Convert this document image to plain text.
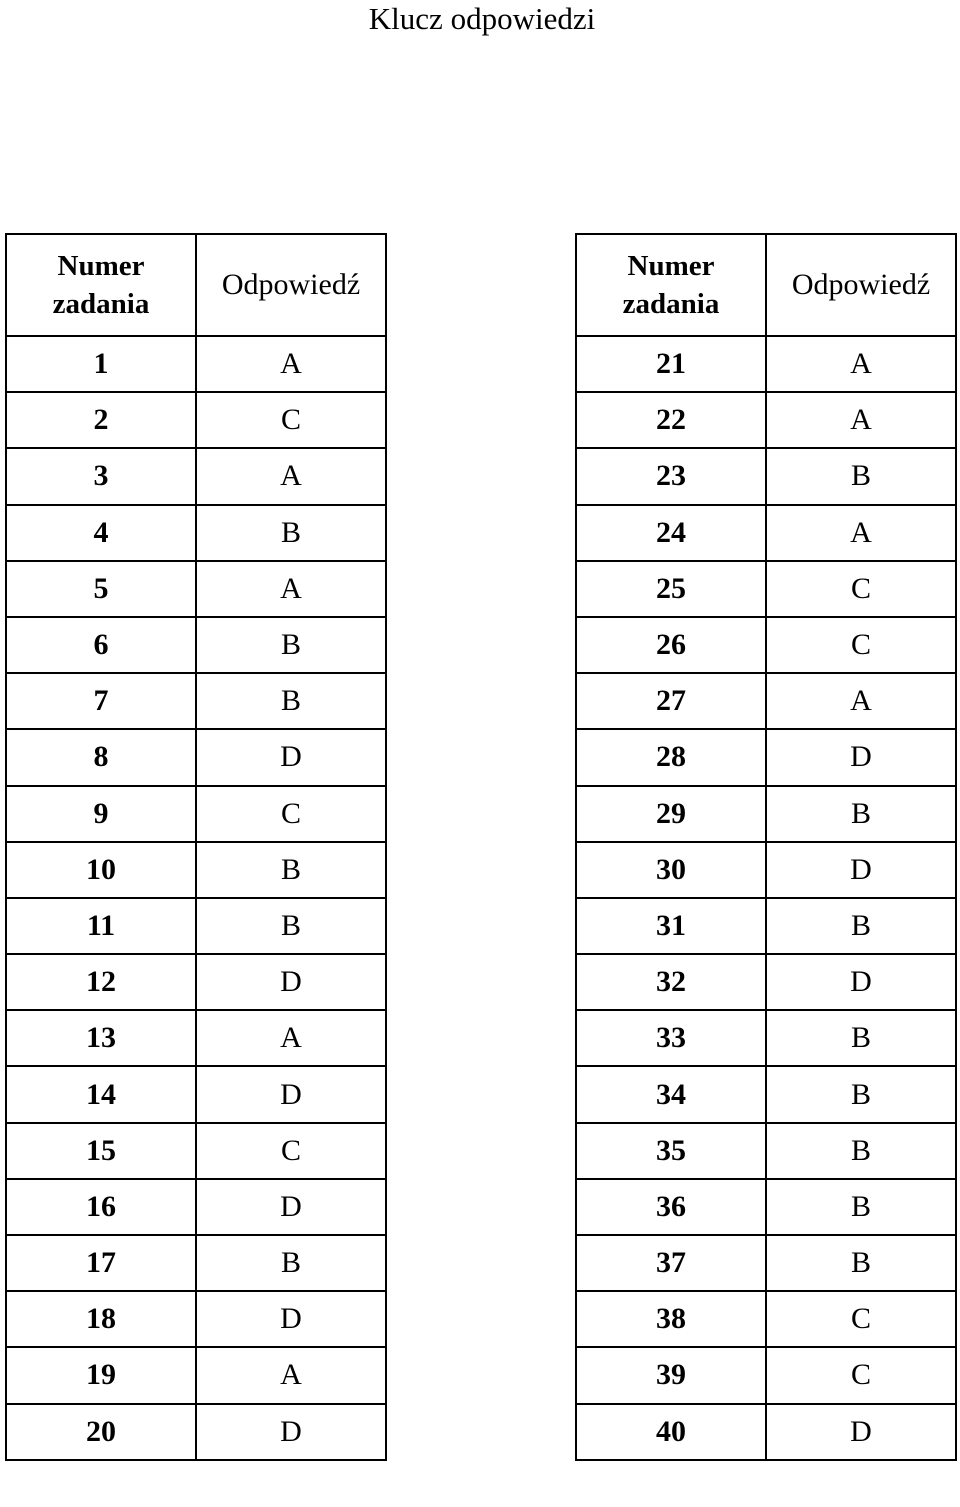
Klucz odpowiedzi
Numer zadania	Odpowiedź
1	A
2	C
3	A
4	B
5	A
6	B
7	B
8	D
9	C
10	B
11	B
12	D
13	A
14	D
15	C
16	D
17	B
18	D
19	A
20	D
Numer zadania	Odpowiedź
21	A
22	A
23	B
24	A
25	C
26	C
27	A
28	D
29	B
30	D
31	B
32	D
33	B
34	B
35	B
36	B
37	B
38	C
39	C
40	D
